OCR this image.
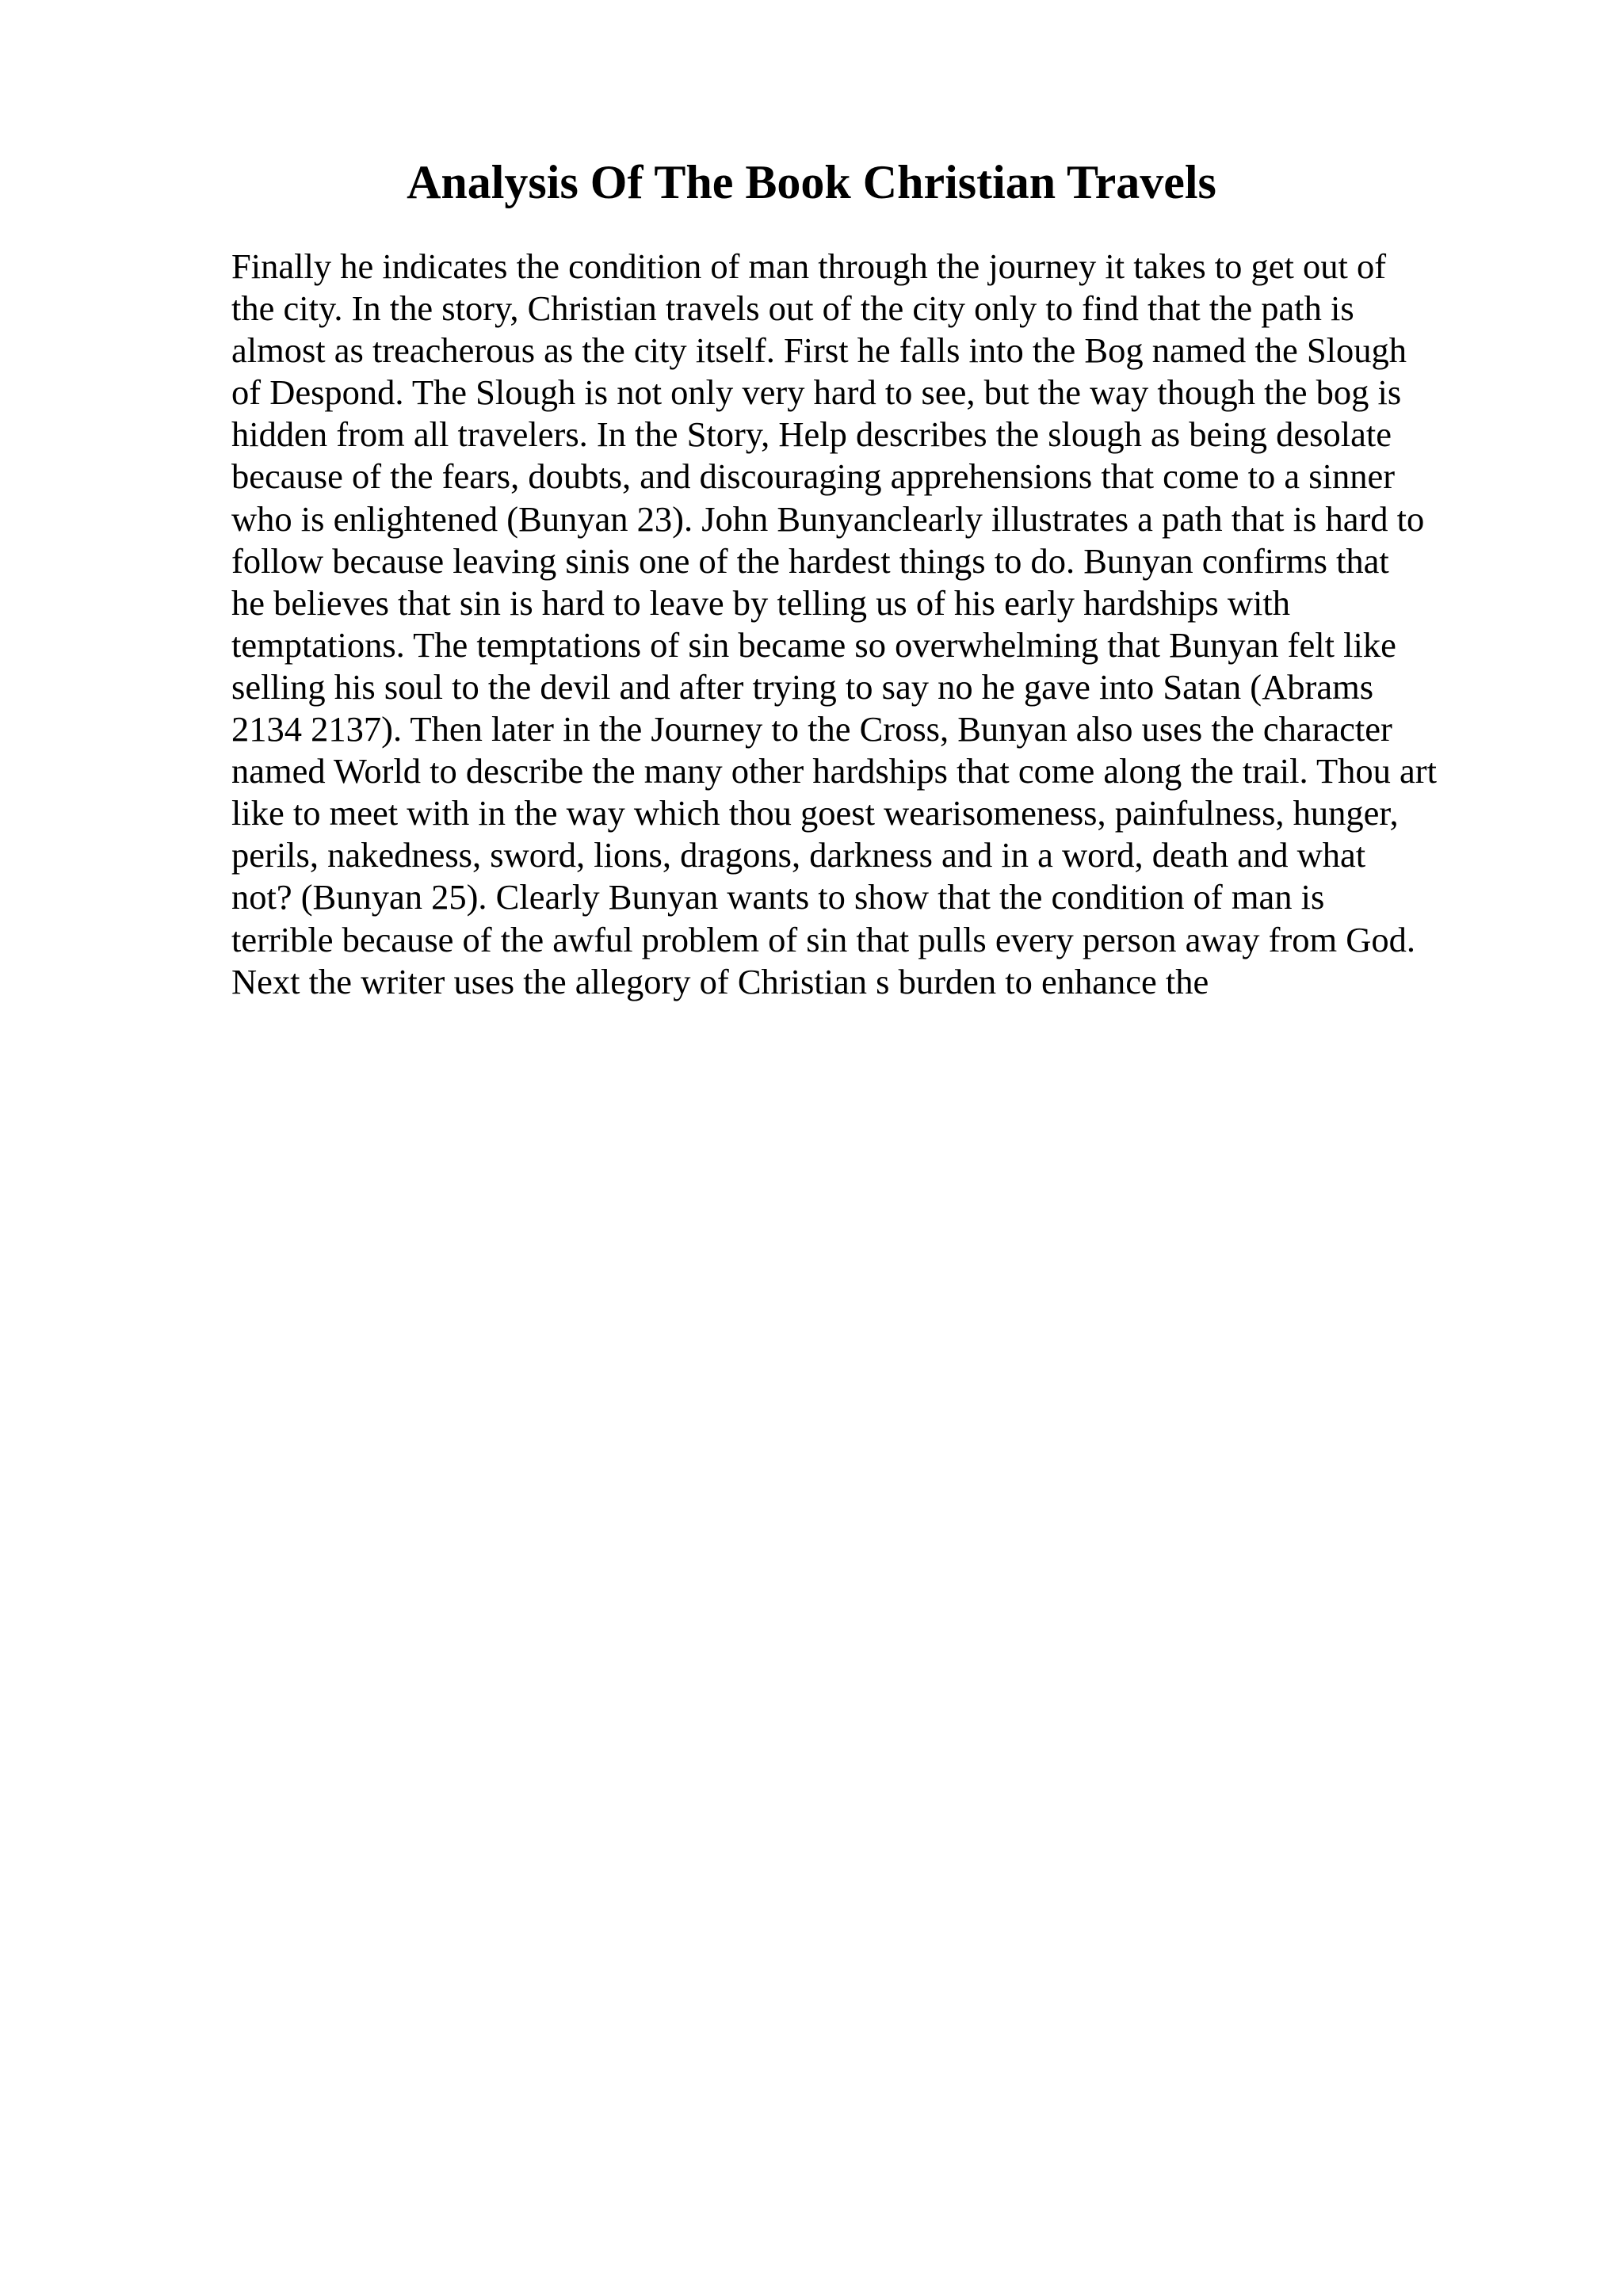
Analysis Of The Book Christian Travels
Finally he indicates the condition of man through the journey it takes to get out of
the city. In the story, Christian travels out of the city only to find that the path is
almost as treacherous as the city itself. First he falls into the Bog named the Slough
of Despond. The Slough is not only very hard to see, but the way though the bog is
hidden from all travelers. In the Story, Help describes the slough as being desolate
because of the fears, doubts, and discouraging apprehensions that come to a sinner
who is enlightened (Bunyan 23). John Bunyanclearly illustrates a path that is hard to
follow because leaving sinis one of the hardest things to do. Bunyan confirms that
he believes that sin is hard to leave by telling us of his early hardships with
temptations. The temptations of sin became so overwhelming that Bunyan felt like
selling his soul to the devil and after trying to say no he gave into Satan (Abrams
2134 2137). Then later in the Journey to the Cross, Bunyan also uses the character
named World to describe the many other hardships that come along the trail. Thou art
like to meet with in the way which thou goest wearisomeness, painfulness, hunger,
perils, nakedness, sword, lions, dragons, darkness and in a word, death and what
not? (Bunyan 25). Clearly Bunyan wants to show that the condition of man is
terrible because of the awful problem of sin that pulls every person away from God.
Next the writer uses the allegory of Christian s burden to enhance the
